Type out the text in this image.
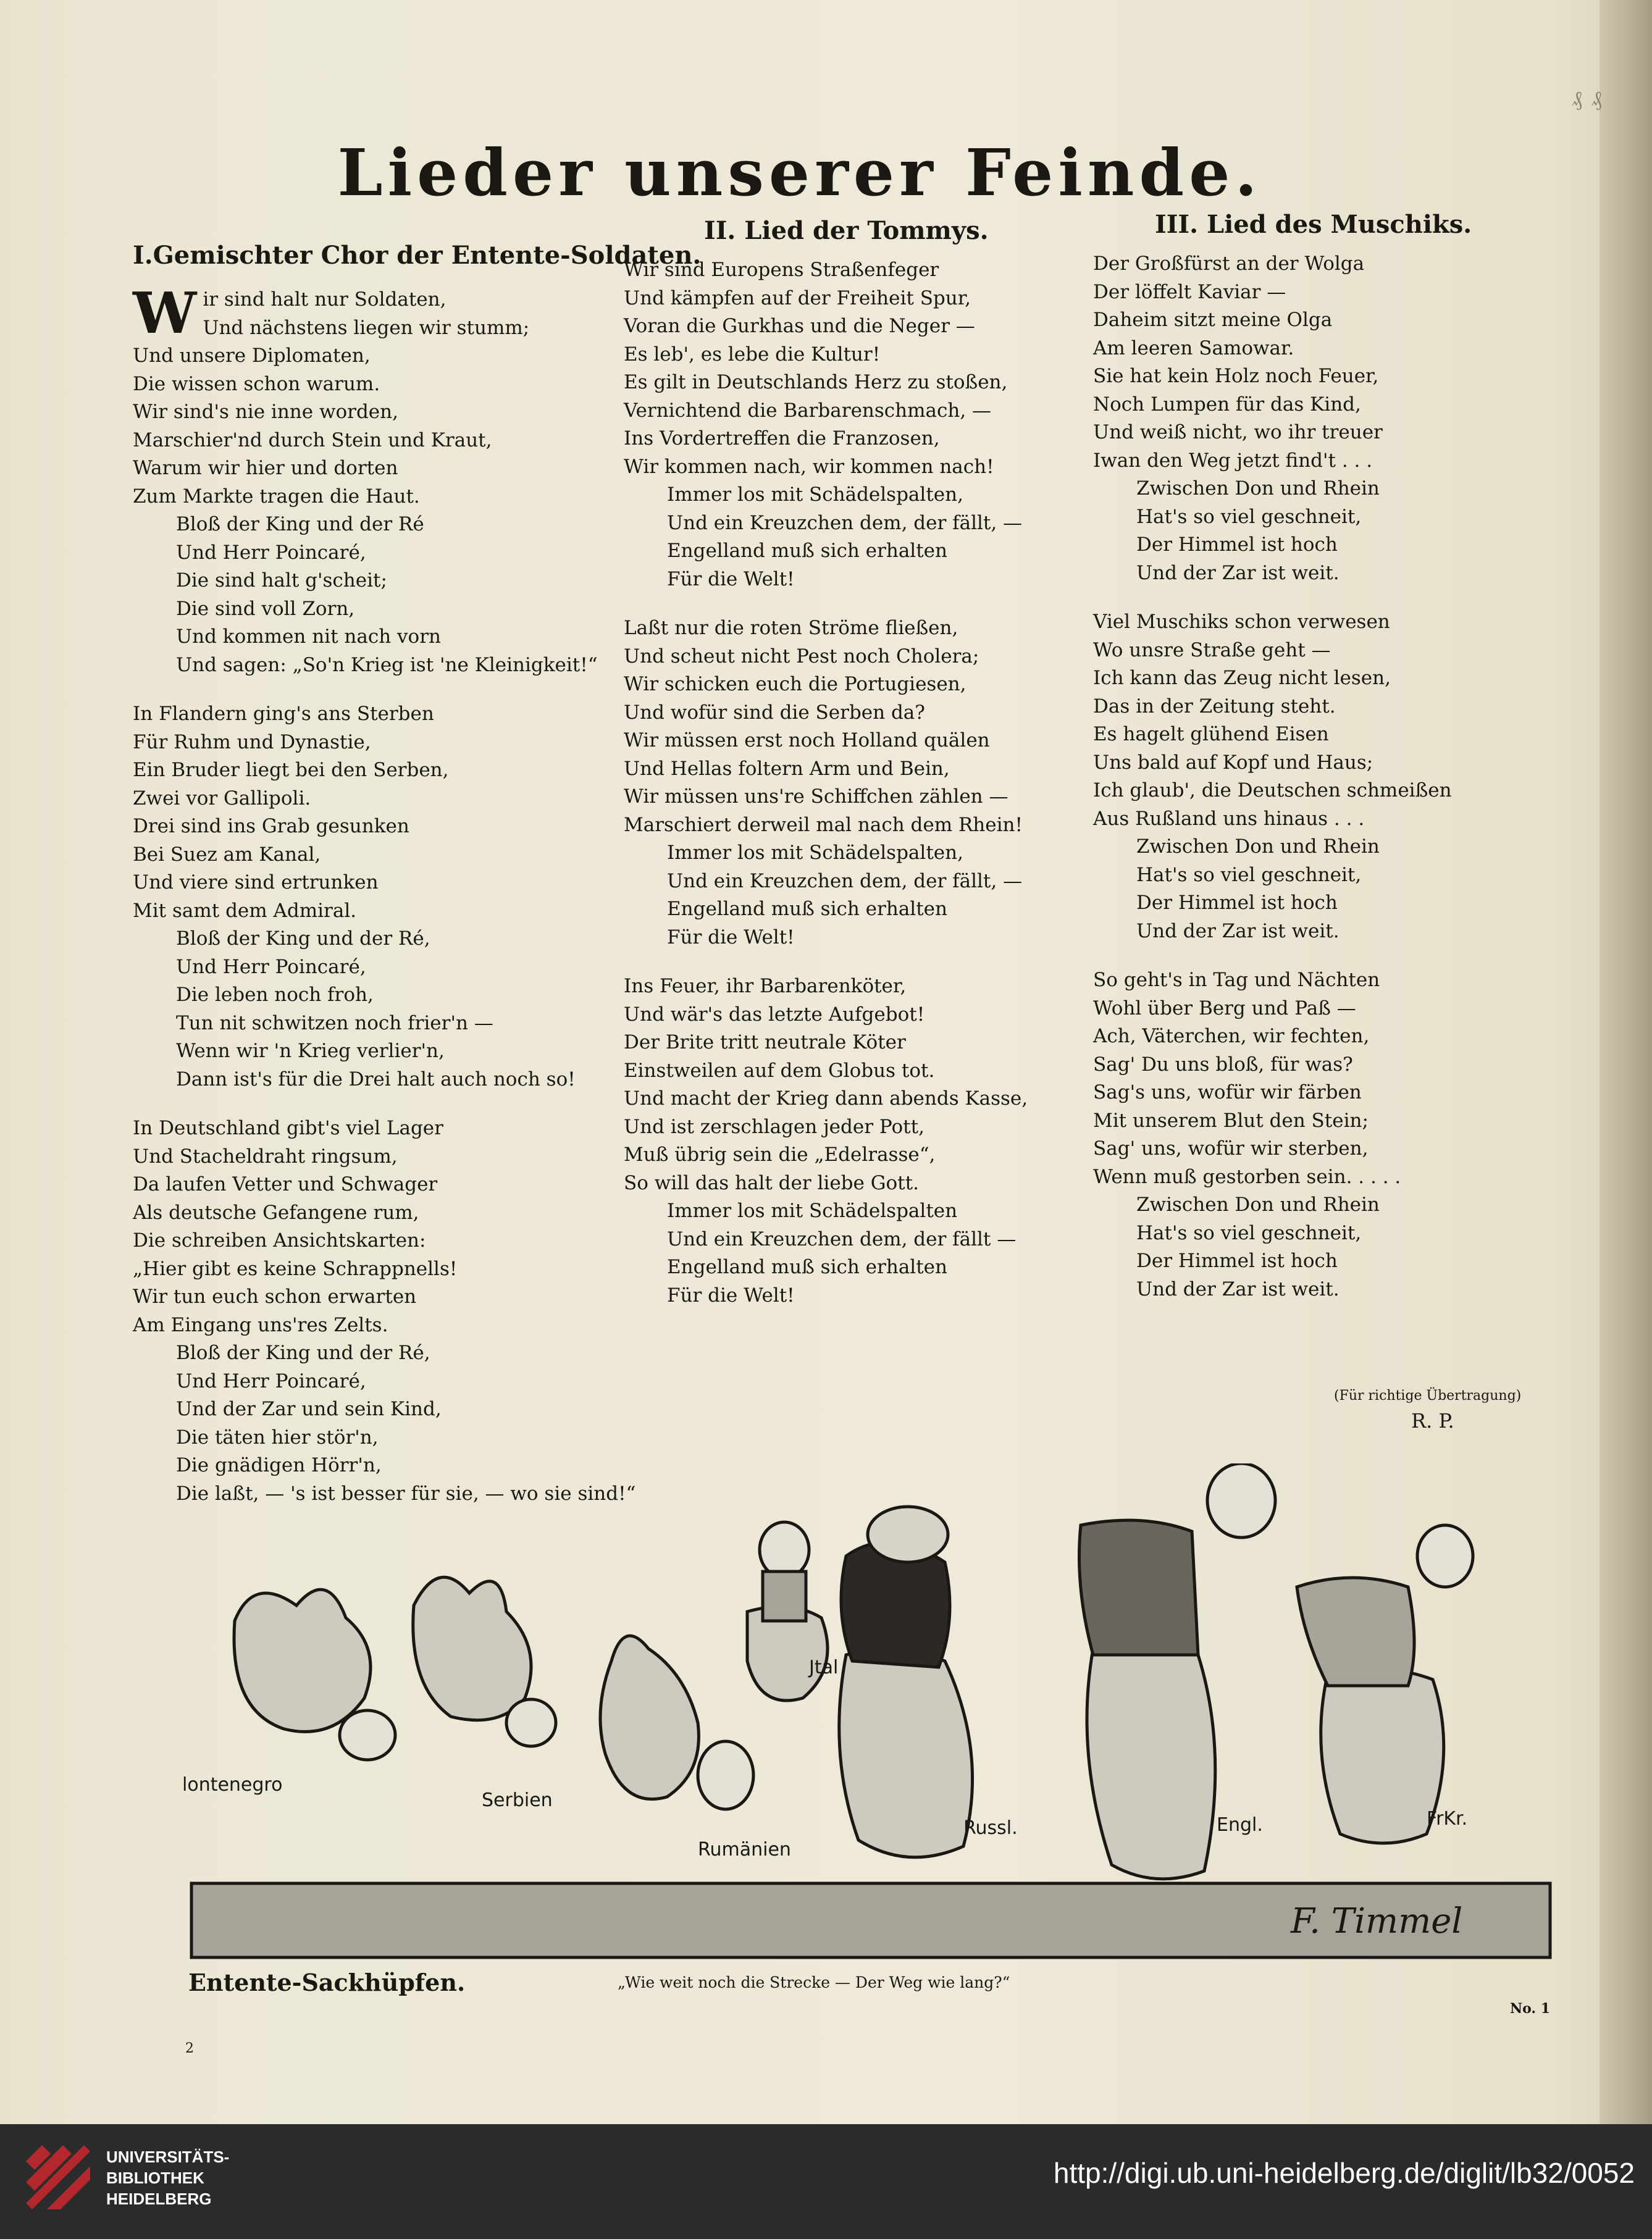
₰ ₰
Lieder unserer Feinde.
I.Gemischter Chor der Entente-Soldaten.
W ir sind halt nur Soldaten,
Und nächstens liegen wir stumm;
Und unsere Diplomaten,
Die wissen schon warum.
Wir sind's nie inne worden,
Marschier'nd durch Stein und Kraut,
Warum wir hier und dorten
Zum Markte tragen die Haut.
Bloß der King und der Ré
Und Herr Poincaré,
Die sind halt g'scheit;
Die sind voll Zorn,
Und kommen nit nach vorn
Und sagen: „So'n Krieg ist 'ne Kleinigkeit!“
In Flandern ging's ans Sterben
Für Ruhm und Dynastie,
Ein Bruder liegt bei den Serben,
Zwei vor Gallipoli.
Drei sind ins Grab gesunken
Bei Suez am Kanal,
Und viere sind ertrunken
Mit samt dem Admiral.
Bloß der King und der Ré,
Und Herr Poincaré,
Die leben noch froh,
Tun nit schwitzen noch frier'n —
Wenn wir 'n Krieg verlier'n,
Dann ist's für die Drei halt auch noch so!
In Deutschland gibt's viel Lager
Und Stacheldraht ringsum,
Da laufen Vetter und Schwager
Als deutsche Gefangene rum,
Die schreiben Ansichtskarten:
„Hier gibt es keine Schrappnells!
Wir tun euch schon erwarten
Am Eingang uns'res Zelts.
Bloß der King und der Ré,
Und Herr Poincaré,
Und der Zar und sein Kind,
Die täten hier stör'n,
Die gnädigen Hörr'n,
Die laßt, — 's ist besser für sie, — wo sie sind!“
II. Lied der Tommys.
Wir sind Europens Straßenfeger
Und kämpfen auf der Freiheit Spur,
Voran die Gurkhas und die Neger —
Es leb', es lebe die Kultur!
Es gilt in Deutschlands Herz zu stoßen,
Vernichtend die Barbarenschmach, —
Ins Vordertreffen die Franzosen,
Wir kommen nach, wir kommen nach!
Immer los mit Schädelspalten,
Und ein Kreuzchen dem, der fällt, —
Engelland muß sich erhalten
Für die Welt!
Laßt nur die roten Ströme fließen,
Und scheut nicht Pest noch Cholera;
Wir schicken euch die Portugiesen,
Und wofür sind die Serben da?
Wir müssen erst noch Holland quälen
Und Hellas foltern Arm und Bein,
Wir müssen uns're Schiffchen zählen —
Marschiert derweil mal nach dem Rhein!
Immer los mit Schädelspalten,
Und ein Kreuzchen dem, der fällt, —
Engelland muß sich erhalten
Für die Welt!
Ins Feuer, ihr Barbarenköter,
Und wär's das letzte Aufgebot!
Der Brite tritt neutrale Köter
Einstweilen auf dem Globus tot.
Und macht der Krieg dann abends Kasse,
Und ist zerschlagen jeder Pott,
Muß übrig sein die „Edelrasse“,
So will das halt der liebe Gott.
Immer los mit Schädelspalten
Und ein Kreuzchen dem, der fällt —
Engelland muß sich erhalten
Für die Welt!
III. Lied des Muschiks.
Der Großfürst an der Wolga
Der löffelt Kaviar —
Daheim sitzt meine Olga
Am leeren Samowar.
Sie hat kein Holz noch Feuer,
Noch Lumpen für das Kind,
Und weiß nicht, wo ihr treuer
Iwan den Weg jetzt find't . . .
Zwischen Don und Rhein
Hat's so viel geschneit,
Der Himmel ist hoch
Und der Zar ist weit.
Viel Muschiks schon verwesen
Wo unsre Straße geht —
Ich kann das Zeug nicht lesen,
Das in der Zeitung steht.
Es hagelt glühend Eisen
Uns bald auf Kopf und Haus;
Ich glaub', die Deutschen schmeißen
Aus Rußland uns hinaus . . .
Zwischen Don und Rhein
Hat's so viel geschneit,
Der Himmel ist hoch
Und der Zar ist weit.
So geht's in Tag und Nächten
Wohl über Berg und Paß —
Ach, Väterchen, wir fechten,
Sag' Du uns bloß, für was?
Sag's uns, wofür wir färben
Mit unserem Blut den Stein;
Sag' uns, wofür wir sterben,
Wenn muß gestorben sein. . . . .
Zwischen Don und Rhein
Hat's so viel geschneit,
Der Himmel ist hoch
Und der Zar ist weit.
(Für richtige Übertragung)
R. P.
lontenegro
Serbien
Rumänien
Jtal
Russl.	Engl.	FrKr.
F. Timmel
Entente-Sackhüpfen.	„Wie weit noch die Strecke — Der Weg wie lang?“
2
No. 1
UNIVERSITÄTS-
BIBLIOTHEK
HEIDELBERG
http://digi.ub.uni-heidelberg.de/diglit/lb32/0052
